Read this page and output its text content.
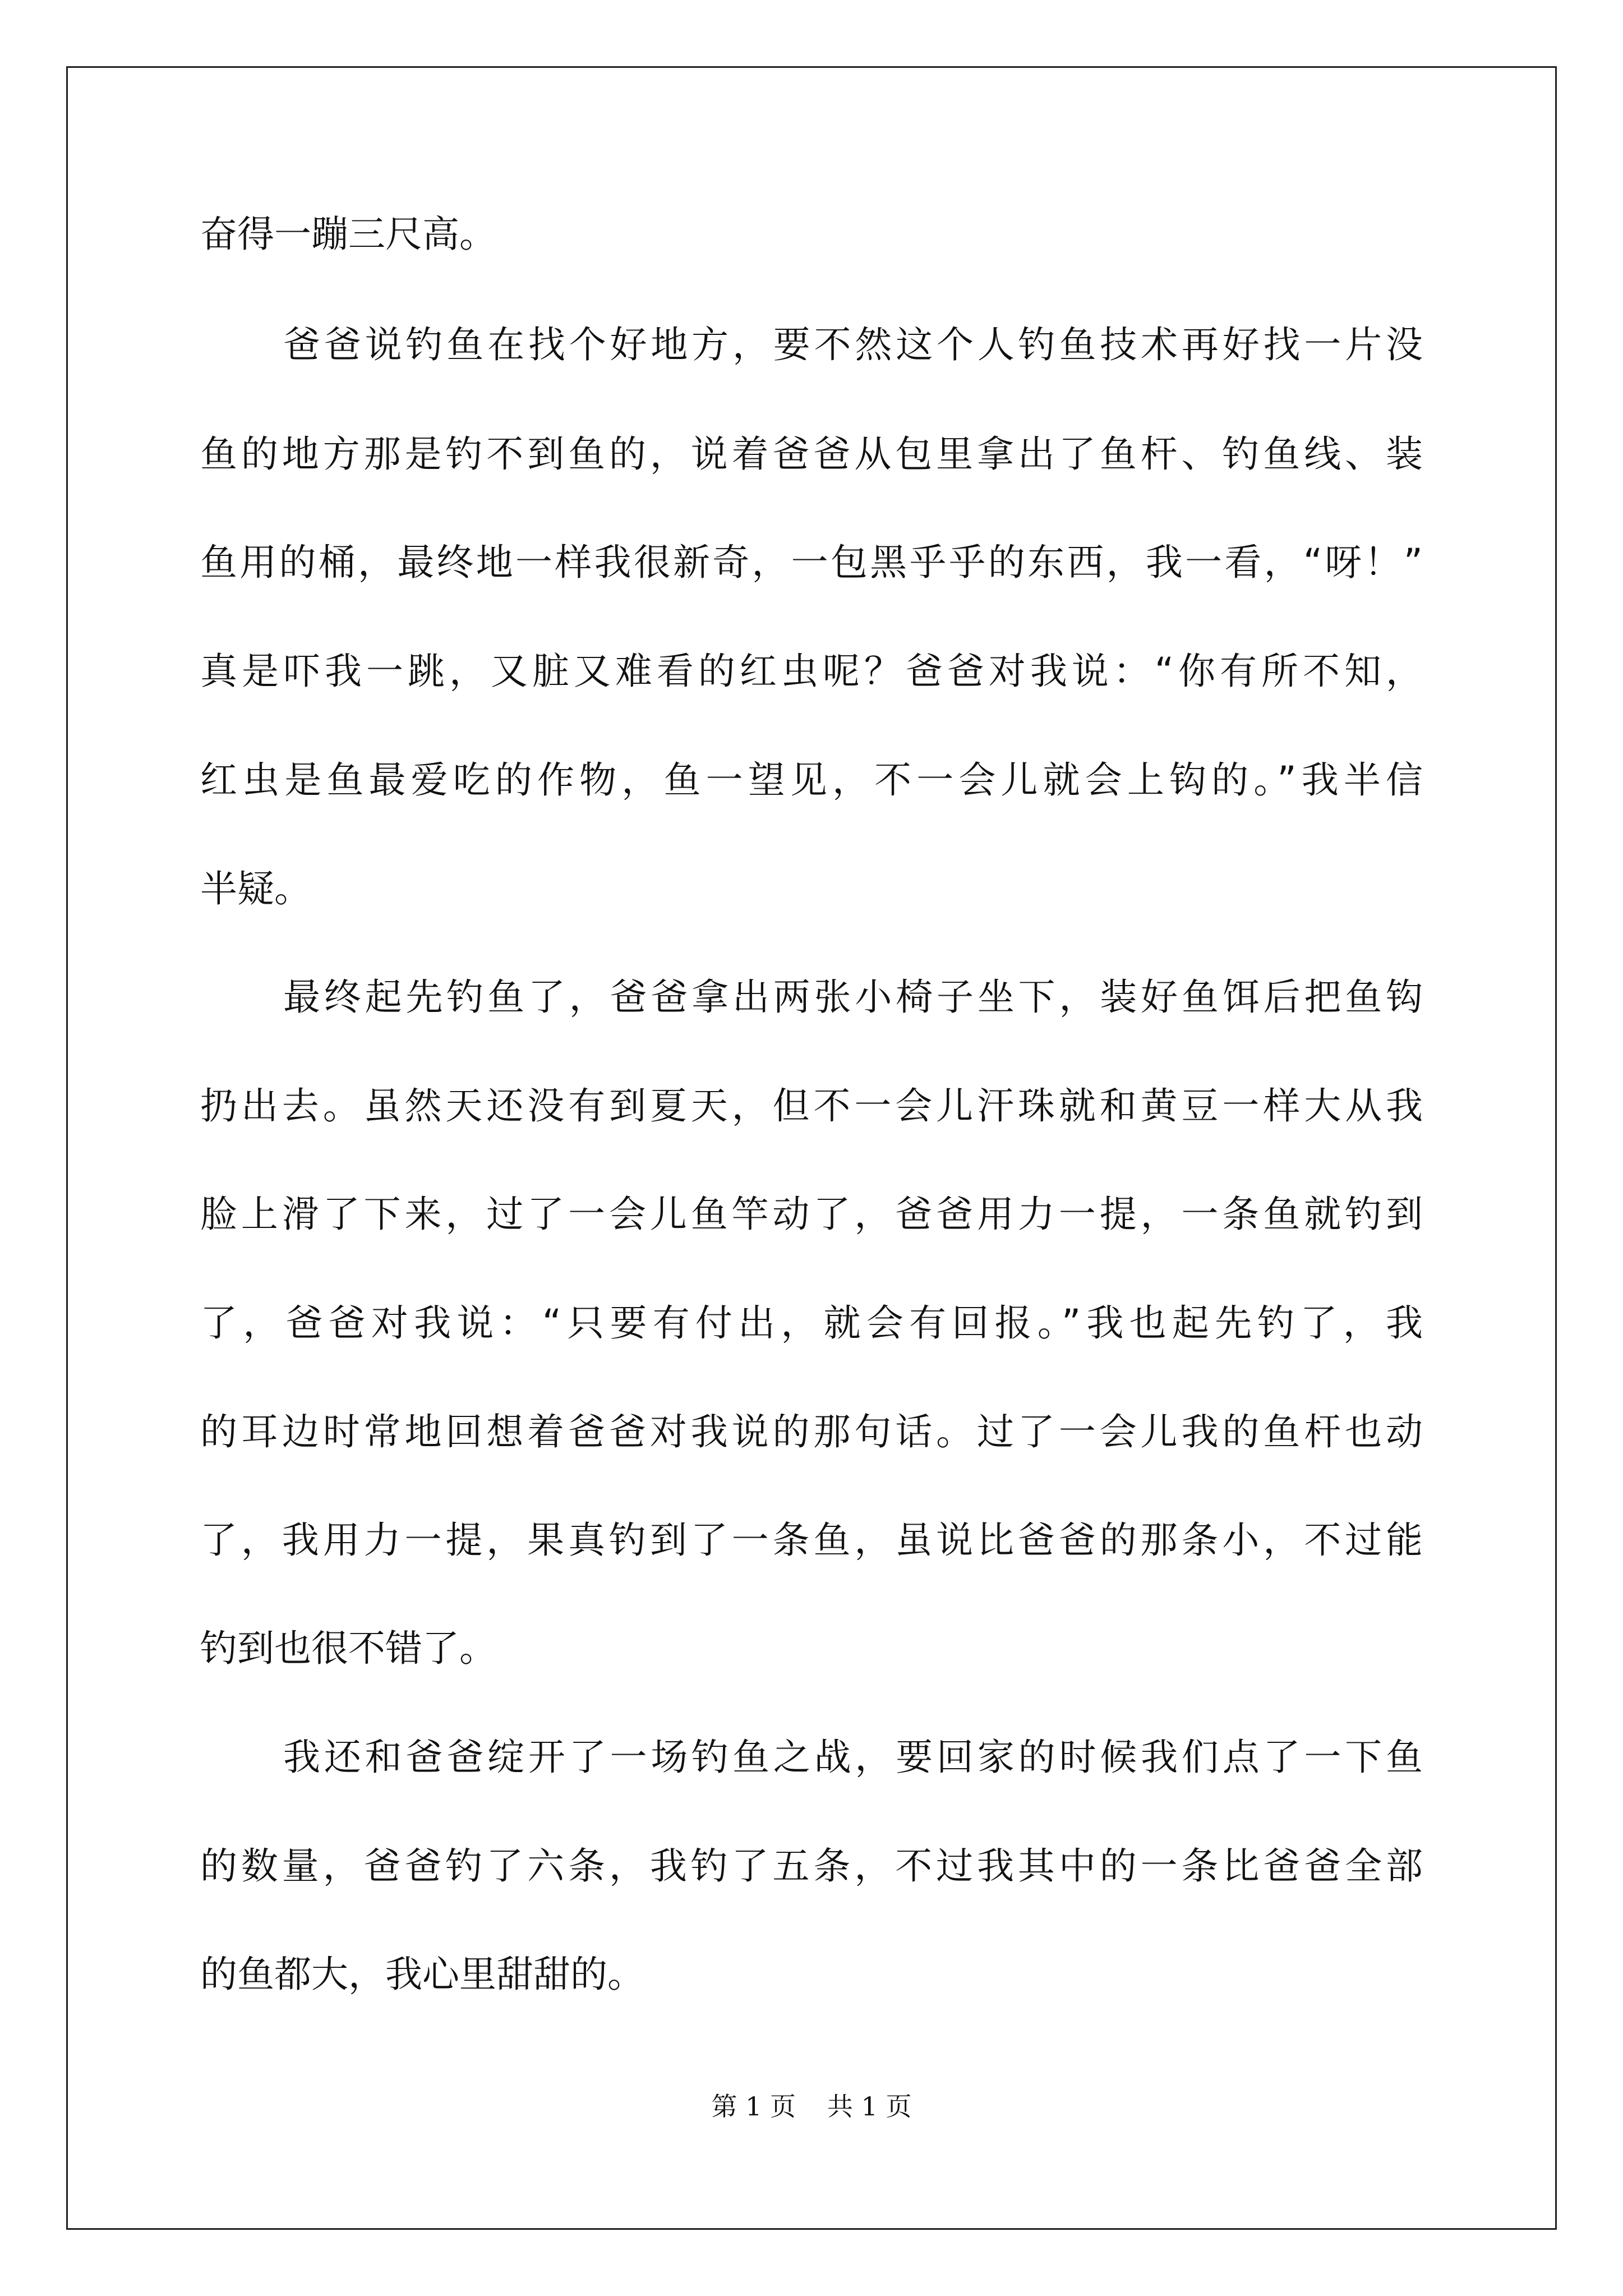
奋得一蹦三尺高。
爸爸说钓鱼在找个好地方，要不然这个人钓鱼技术再好找一片没
鱼的地方那是钓不到鱼的，说着爸爸从包里拿出了鱼杆、钓鱼线、装
鱼用的桶，最终地一样我很新奇，一包黑乎乎的东西，我一看，“呀！”
真是吓我一跳，又脏又难看的红虫呢？爸爸对我说：“你有所不知，
红虫是鱼最爱吃的作物，鱼一望见，不一会儿就会上钩的。”我半信
半疑。
最终起先钓鱼了，爸爸拿出两张小椅子坐下，装好鱼饵后把鱼钩
扔出去。虽然天还没有到夏天，但不一会儿汗珠就和黄豆一样大从我
脸上滑了下来，过了一会儿鱼竿动了，爸爸用力一提，一条鱼就钓到
了，爸爸对我说：“只要有付出，就会有回报。”我也起先钓了，我
的耳边时常地回想着爸爸对我说的那句话。过了一会儿我的鱼杆也动
了，我用力一提，果真钓到了一条鱼，虽说比爸爸的那条小，不过能
钓到也很不错了。
我还和爸爸绽开了一场钓鱼之战，要回家的时候我们点了一下鱼
的数量，爸爸钓了六条，我钓了五条，不过我其中的一条比爸爸全部
的鱼都大，我心里甜甜的。
第 1 页 共 1 页
